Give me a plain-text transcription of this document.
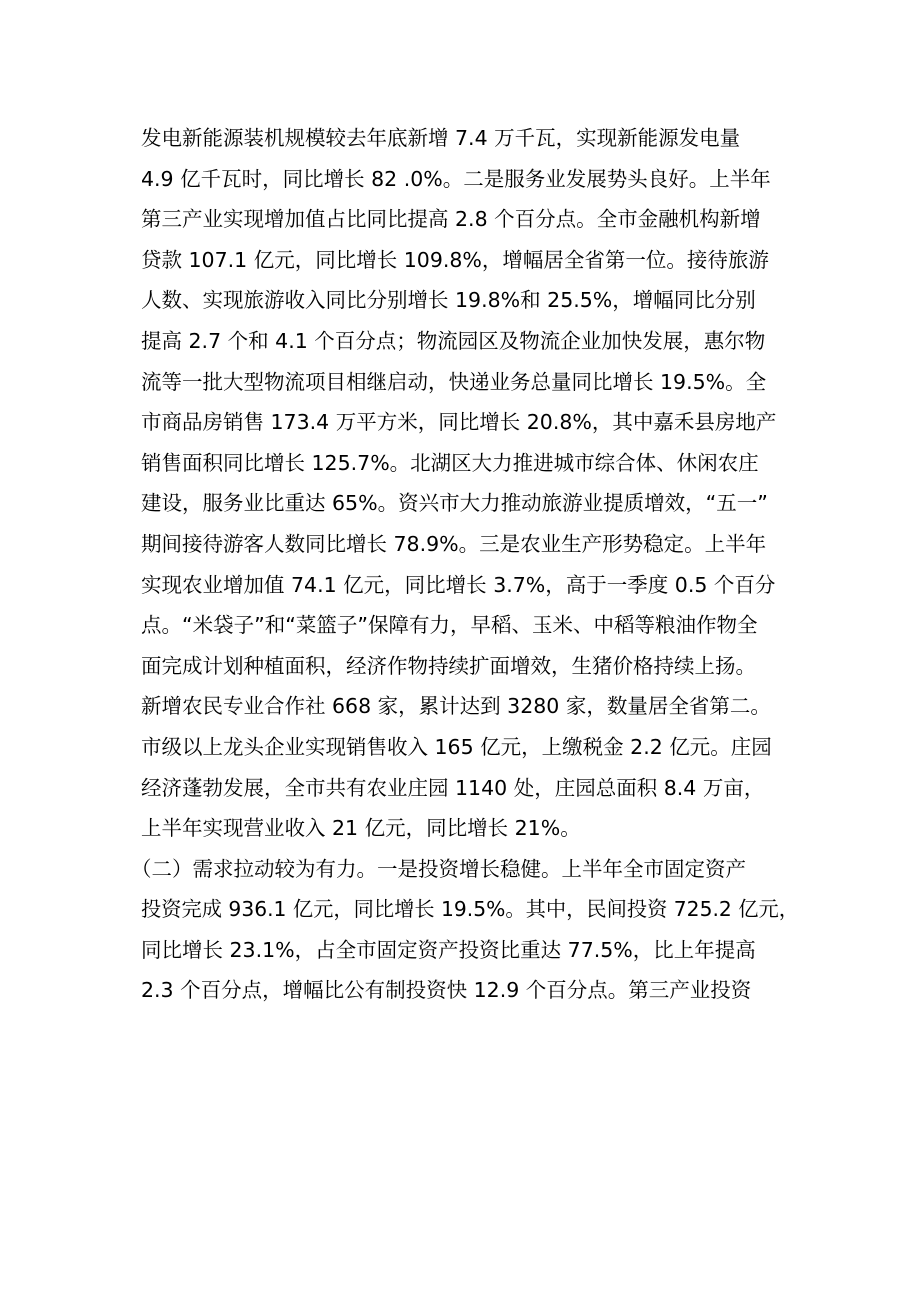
发电新能源装机规模较去年底新增 7.4 万千瓦，实现新能源发电量
4.9 亿千瓦时，同比增长 82 .0%。二是服务业发展势头良好。上半年
第三产业实现增加值占比同比提高 2.8 个百分点。全市金融机构新增
贷款 107.1 亿元，同比增长 109.8%，增幅居全省第一位。接待旅游
人数、实现旅游收入同比分别增长 19.8%和 25.5%，增幅同比分别
提高 2.7 个和 4.1 个百分点；物流园区及物流企业加快发展，惠尔物
流等一批大型物流项目相继启动，快递业务总量同比增长 19.5%。全
市商品房销售 173.4 万平方米，同比增长 20.8%，其中嘉禾县房地产
销售面积同比增长 125.7%。北湖区大力推进城市综合体、休闲农庄
建设，服务业比重达 65%。资兴市大力推动旅游业提质增效，“五一”
期间接待游客人数同比增长 78.9%。三是农业生产形势稳定。上半年
实现农业增加值 74.1 亿元，同比增长 3.7%，高于一季度 0.5 个百分
点。“米袋子”和“菜篮子”保障有力，早稻、玉米、中稻等粮油作物全
面完成计划种植面积，经济作物持续扩面增效，生猪价格持续上扬。
新增农民专业合作社 668 家，累计达到 3280 家，数量居全省第二。
市级以上龙头企业实现销售收入 165 亿元，上缴税金 2.2 亿元。庄园
经济蓬勃发展，全市共有农业庄园 1140 处，庄园总面积 8.4 万亩，
上半年实现营业收入 21 亿元，同比增长 21%。
（二）需求拉动较为有力。一是投资增长稳健。上半年全市固定资产
投资完成 936.1 亿元，同比增长 19.5%。其中，民间投资 725.2 亿元，
同比增长 23.1%，占全市固定资产投资比重达 77.5%，比上年提高
2.3 个百分点，增幅比公有制投资快 12.9 个百分点。第三产业投资
